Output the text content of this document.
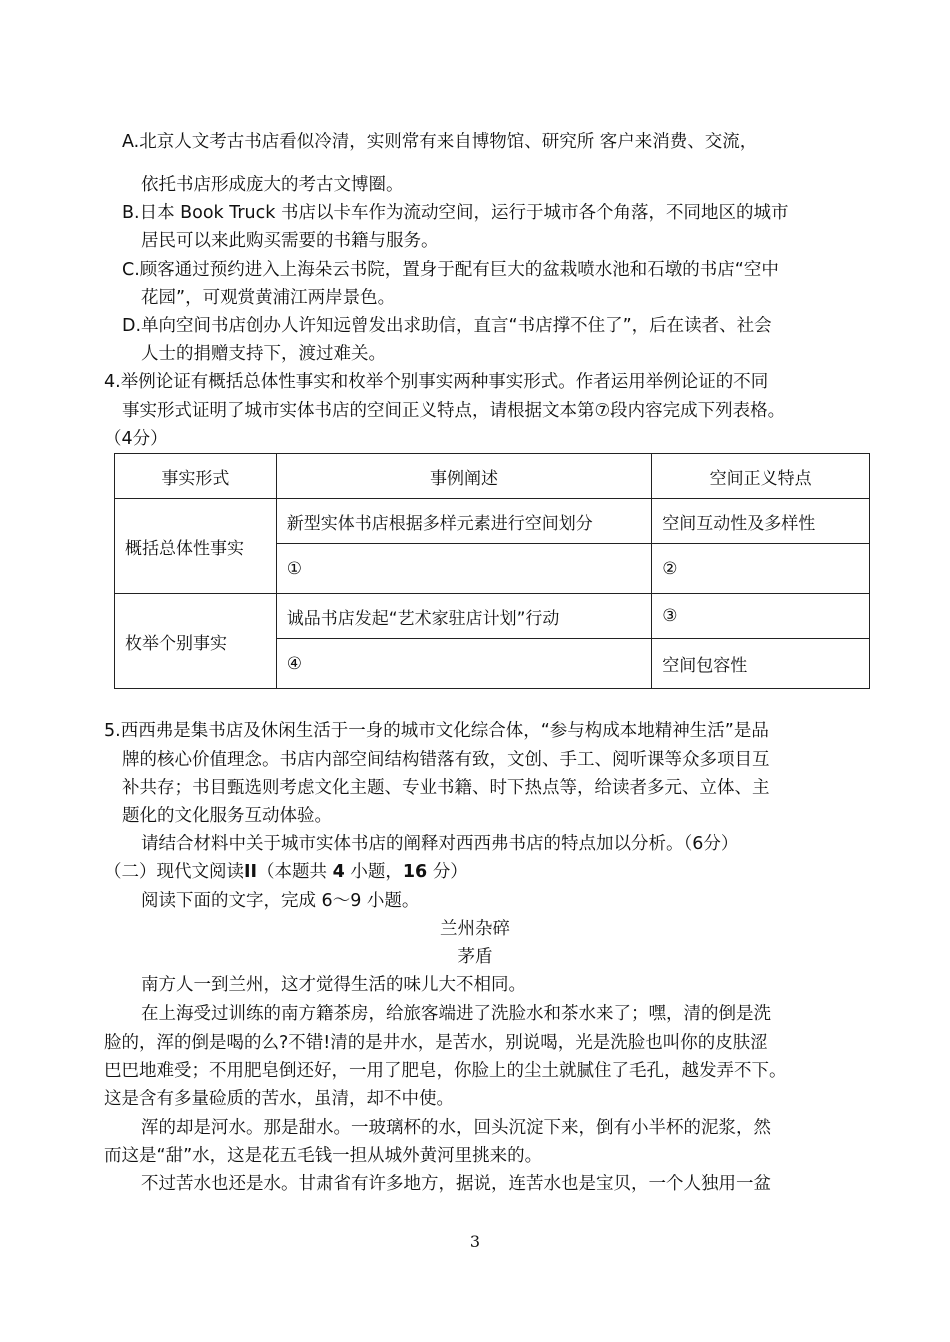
A.北京人文考古书店看似冷清，实则常有来自博物馆、研究所 客户来消费、交流，
依托书店形成庞大的考古文博圈。
B.日本 Book Truck 书店以卡车作为流动空间，运行于城市各个角落，不同地区的城市
居民可以来此购买需要的书籍与服务。
C.顾客通过预约进入上海朵云书院，置身于配有巨大的盆栽喷水池和石墩的书店“空中
花园”，可观赏黄浦江两岸景色。
D.单向空间书店创办人许知远曾发出求助信，直言“书店撑不住了”，后在读者、社会
人士的捐赠支持下，渡过难关。
4.举例论证有概括总体性事实和枚举个别事实两种事实形式。作者运用举例论证的不同
事实形式证明了城市实体书店的空间正义特点，请根据文本第⑦段内容完成下列表格。
（4分）
事实形式	事例阐述	空间正义特点
概括总体性事实	新型实体书店根据多样元素进行空间划分	空间互动性及多样性
	①	②
枚举个别事实	诚品书店发起“艺术家驻店计划”行动	③
	④	空间包容性
5.西西弗是集书店及休闲生活于一身的城市文化综合体，“参与构成本地精神生活”是品
牌的核心价值理念。书店内部空间结构错落有致，文创、手工、阅听课等众多项目互
补共存；书目甄选则考虑文化主题、专业书籍、时下热点等，给读者多元、立体、主
题化的文化服务互动体验。
请结合材料中关于城市实体书店的阐释对西西弗书店的特点加以分析。（6分）
（二）现代文阅读II（本题共 4 小题，16 分）
阅读下面的文字，完成 6～9 小题。
兰州杂碎
茅盾
南方人一到兰州，这才觉得生活的味儿大不相同。
在上海受过训练的南方籍茶房，给旅客端进了洗脸水和茶水来了；嘿，清的倒是洗
脸的，浑的倒是喝的么?不错!清的是井水，是苦水，别说喝，光是洗脸也叫你的皮肤涩
巴巴地难受；不用肥皂倒还好，一用了肥皂，你脸上的尘土就腻住了毛孔，越发弄不下。
这是含有多量硷质的苦水，虽清，却不中使。
浑的却是河水。那是甜水。一玻璃杯的水，回头沉淀下来，倒有小半杯的泥浆，然
而这是“甜”水，这是花五毛钱一担从城外黄河里挑来的。
不过苦水也还是水。甘肃省有许多地方，据说，连苦水也是宝贝，一个人独用一盆
3
